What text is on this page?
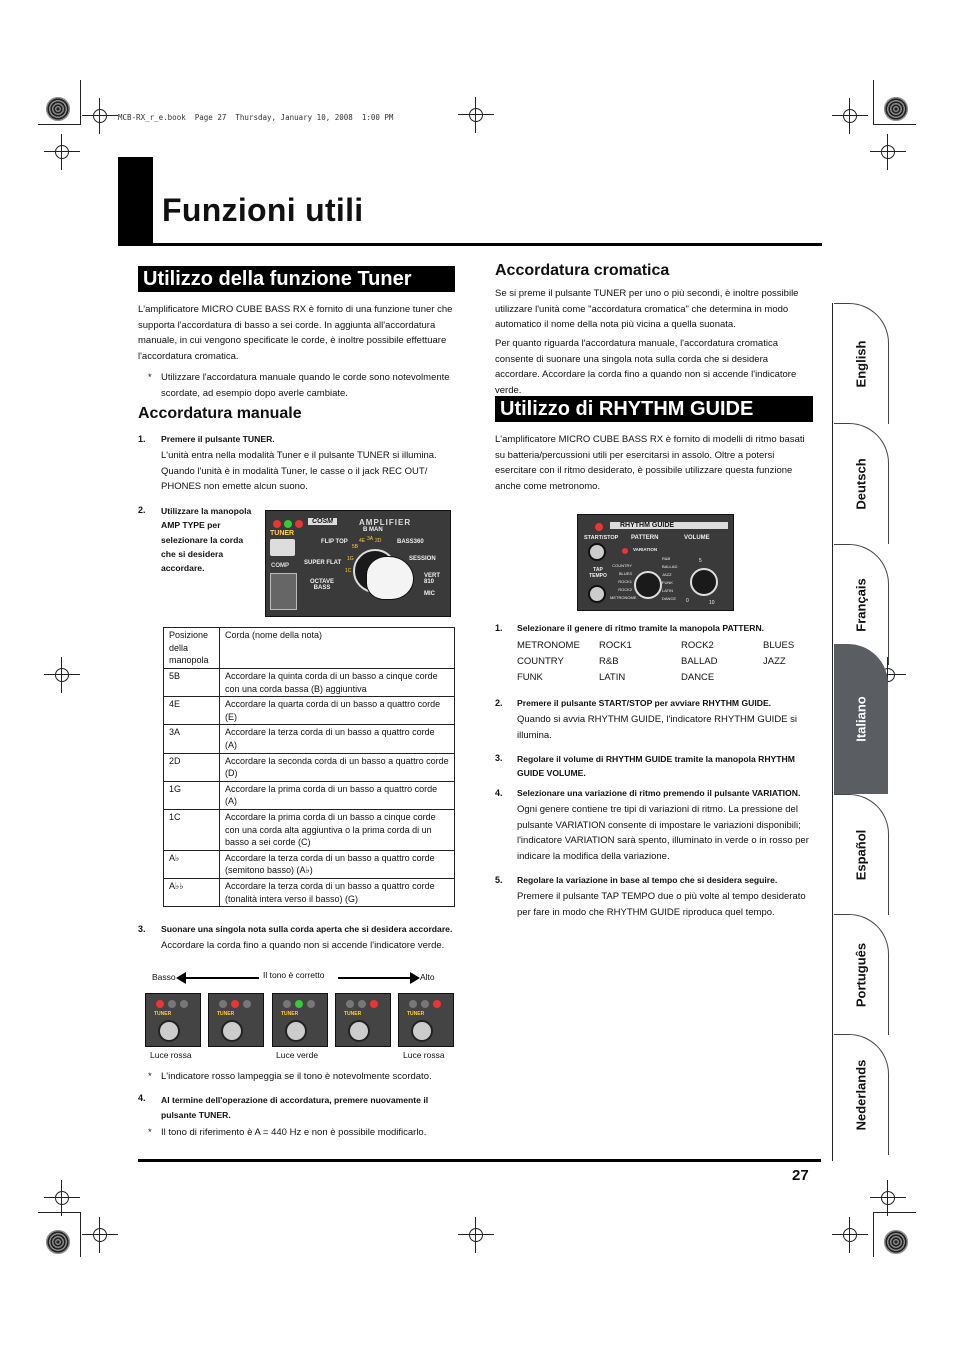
MCB-RX_r_e.book  Page 27  Thursday, January 10, 2008  1:00 PM
Funzioni utili
Utilizzo della funzione Tuner
L'amplificatore MICRO CUBE BASS RX è fornito di una funzione tuner che supporta l'accordatura di basso a sei corde. In aggiunta all'accordatura manuale, in cui vengono specificate le corde, è inoltre possibile effettuare l'accordatura cromatica.
* Utilizzare l'accordatura manuale quando le corde sono notevolmente scordate, ad esempio dopo averle cambiate.
Accordatura manuale
1. Premere il pulsante TUNER.
L'unità entra nella modalità Tuner e il pulsante TUNER si illumina. Quando l'unità è in modalità Tuner, le casse o il jack REC OUT/ PHONES non emette alcun suono.
2. Utilizzare la manopola AMP TYPE per selezionare la corda che si desidera accordare.
TUNER
COMP
COSM	AMPLIFIER
FLIP TOP
B MAN
BASS360
SUPER FLAT
SESSION
OCTAVE BASS
VERT 810
MIC
5B
4E 3A 2D
1G
1C
Posizione della manopola	Corda (nome della nota)
5B	Accordare la quinta corda di un basso a cinque corde con una corda bassa (B) aggiuntiva
4E	Accordare la quarta corda di un basso a quattro corde (E)
3A	Accordare la terza corda di un basso a quattro corde (A)
2D	Accordare la seconda corda di un basso a quattro corde (D)
1G	Accordare la prima corda di un basso a quattro corde (A)
1C	Accordare la prima corda di un basso a cinque corde con una corda alta aggiuntiva o la prima corda di un basso a sei corde (C)
A♭	Accordare la terza corda di un basso a quattro corde (semitono basso) (A♭)
A♭♭	Accordare la terza corda di un basso a quattro corde (tonalità intera verso il basso) (G)
3. Suonare una singola nota sulla corda aperta che si desidera accordare.
Accordare la corda fino a quando non si accende l'indicatore verde.
Basso	Il tono è corretto	Alto
TUNER	TUNER	TUNER	TUNER	TUNER
Luce rossa	Luce verde	Luce rossa
* L'indicatore rosso lampeggia se il tono è notevolmente scordato.
4. Al termine dell'operazione di accordatura, premere nuovamente il pulsante TUNER.
* Il tono di riferimento è A = 440 Hz e non è possibile modificarlo.
Accordatura cromatica
Se si preme il pulsante TUNER per uno o più secondi, è inoltre possibile utilizzare l'unità come "accordatura cromatica" che determina in modo automatico il nome della nota più vicina a quella suonata.
Per quanto riguarda l'accordatura manuale, l'accordatura cromatica consente di suonare una singola nota sulla corda che si desidera accordare. Accordare la corda fino a quando non si accende l'indicatore verde.
Utilizzo di RHYTHM GUIDE
L'amplificatore MICRO CUBE BASS RX è fornito di modelli di ritmo basati su batteria/percussioni utili per esercitarsi in assolo. Oltre a potersi esercitare con il ritmo desiderato, è possibile utilizzare questa funzione anche come metronomo.
RHYTHM GUIDE
START/STOP PATTERN	VOLUME
VARIATION
TAP TEMPO
COUNTRY
BLUES
ROCK1
ROCK2
METRONOME
R&B
BALLAD
JAZZ
FUNK
LATIN
DANCE 0
5
10
1. Selezionare il genere di ritmo tramite la manopola PATTERN.
METRONOME	ROCK1	ROCK2	BLUES
COUNTRY	R&B	BALLAD	JAZZ
FUNK	LATIN	DANCE
2. Premere il pulsante START/STOP per avviare RHYTHM GUIDE.
Quando si avvia RHYTHM GUIDE, l'indicatore RHYTHM GUIDE si illumina.
3. Regolare il volume di RHYTHM GUIDE tramite la manopola RHYTHM GUIDE VOLUME.
4. Selezionare una variazione di ritmo premendo il pulsante VARIATION.
Ogni genere contiene tre tipi di variazioni di ritmo. La pressione del pulsante VARIATION consente di impostare le variazioni disponibili; l'indicatore VARIATION sarà spento, illuminato in verde o in rosso per indicare la modifica della variazione.
5. Regolare la variazione in base al tempo che si desidera seguire.
Premere il pulsante TAP TEMPO due o più volte al tempo desiderato per fare in modo che RHYTHM GUIDE riproduca quel tempo.
English
Deutsch
Français
Italiano
Español
Português
Nederlands
27
